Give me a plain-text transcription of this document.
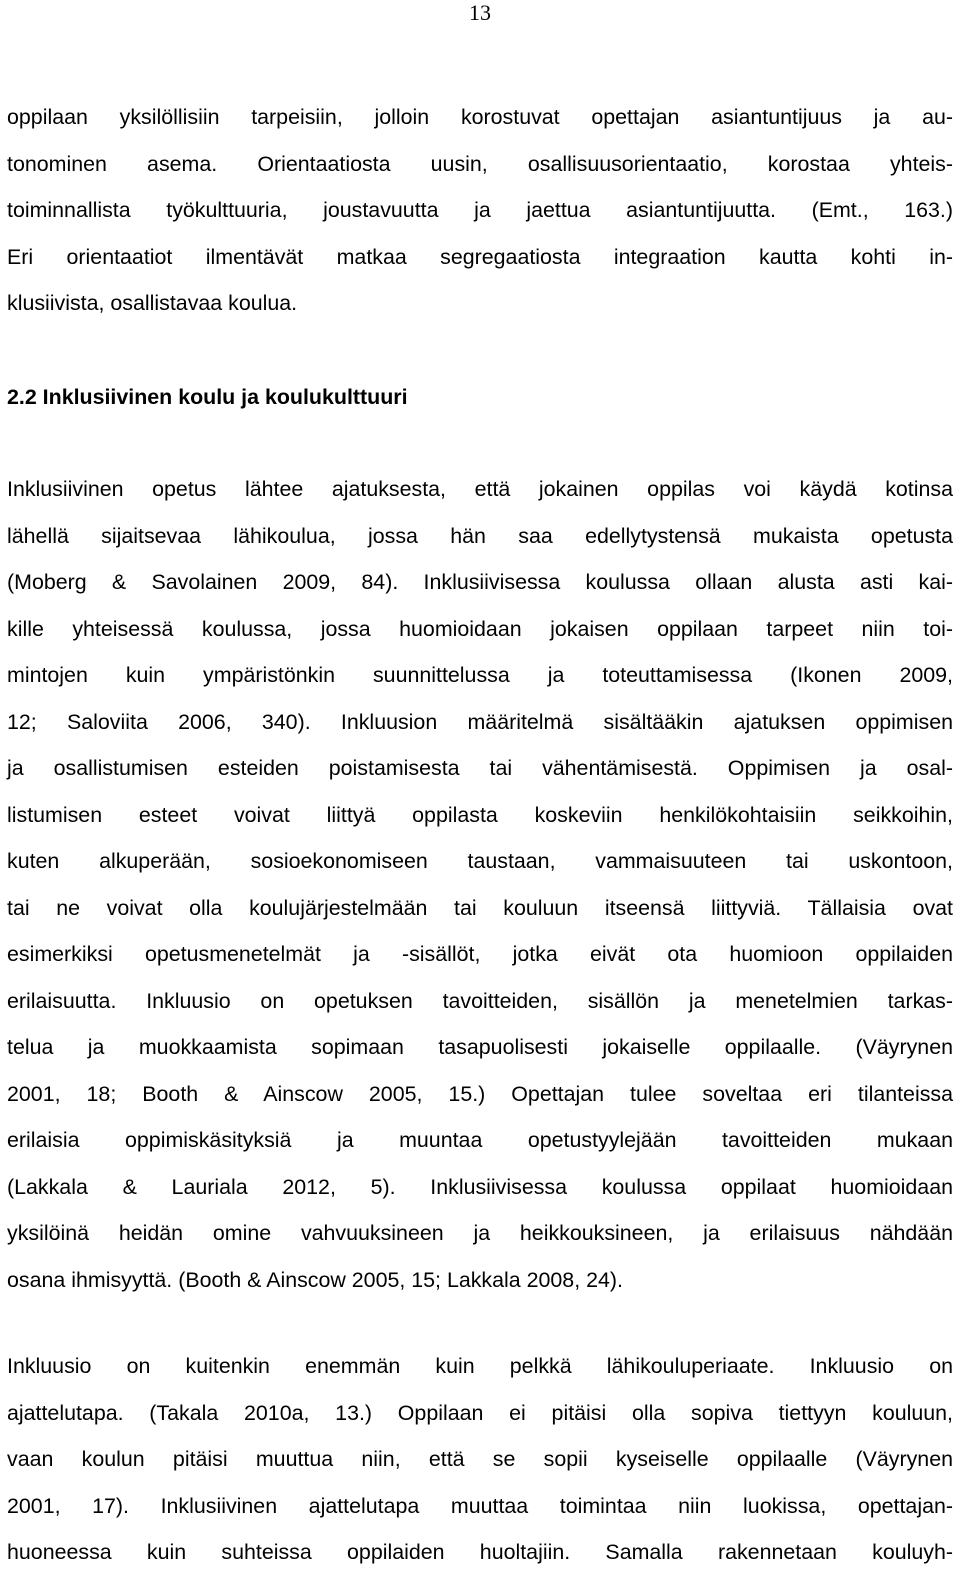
13
oppilaan yksilöllisiin tarpeisiin, jolloin korostuvat opettajan asiantuntijuus ja au-
tonominen asema. Orientaatiosta uusin, osallisuusorientaatio, korostaa yhteis-
toiminnallista työkulttuuria, joustavuutta ja jaettua asiantuntijuutta. (Emt., 163.)
Eri orientaatiot ilmentävät matkaa segregaatiosta integraation kautta kohti in-
klusiivista, osallistavaa koulua.
2.2 Inklusiivinen koulu ja koulukulttuuri
Inklusiivinen opetus lähtee ajatuksesta, että jokainen oppilas voi käydä kotinsa
lähellä sijaitsevaa lähikoulua, jossa hän saa edellytystensä mukaista opetusta
(Moberg & Savolainen 2009, 84). Inklusiivisessa koulussa ollaan alusta asti kai-
kille yhteisessä koulussa, jossa huomioidaan jokaisen oppilaan tarpeet niin toi-
mintojen kuin ympäristönkin suunnittelussa ja toteuttamisessa (Ikonen 2009,
12; Saloviita 2006, 340). Inkluusion määritelmä sisältääkin ajatuksen oppimisen
ja osallistumisen esteiden poistamisesta tai vähentämisestä. Oppimisen ja osal-
listumisen esteet voivat liittyä oppilasta koskeviin henkilökohtaisiin seikkoihin,
kuten alkuperään, sosioekonomiseen taustaan, vammaisuuteen tai uskontoon,
tai ne voivat olla koulujärjestelmään tai kouluun itseensä liittyviä. Tällaisia ovat
esimerkiksi opetusmenetelmät ja -sisällöt, jotka eivät ota huomioon oppilaiden
erilaisuutta. Inkluusio on opetuksen tavoitteiden, sisällön ja menetelmien tarkas-
telua ja muokkaamista sopimaan tasapuolisesti jokaiselle oppilaalle. (Väyrynen
2001, 18; Booth & Ainscow 2005, 15.) Opettajan tulee soveltaa eri tilanteissa
erilaisia oppimiskäsityksiä ja muuntaa opetustyylejään tavoitteiden mukaan
(Lakkala & Lauriala 2012, 5). Inklusiivisessa koulussa oppilaat huomioidaan
yksilöinä heidän omine vahvuuksineen ja heikkouksineen, ja erilaisuus nähdään
osana ihmisyyttä. (Booth & Ainscow 2005, 15; Lakkala 2008, 24).
Inkluusio on kuitenkin enemmän kuin pelkkä lähikouluperiaate. Inkluusio on
ajattelutapa. (Takala 2010a, 13.) Oppilaan ei pitäisi olla sopiva tiettyyn kouluun,
vaan koulun pitäisi muuttua niin, että se sopii kyseiselle oppilaalle (Väyrynen
2001, 17). Inklusiivinen ajattelutapa muuttaa toimintaa niin luokissa, opettajan-
huoneessa kuin suhteissa oppilaiden huoltajiin. Samalla rakennetaan kouluyh-
